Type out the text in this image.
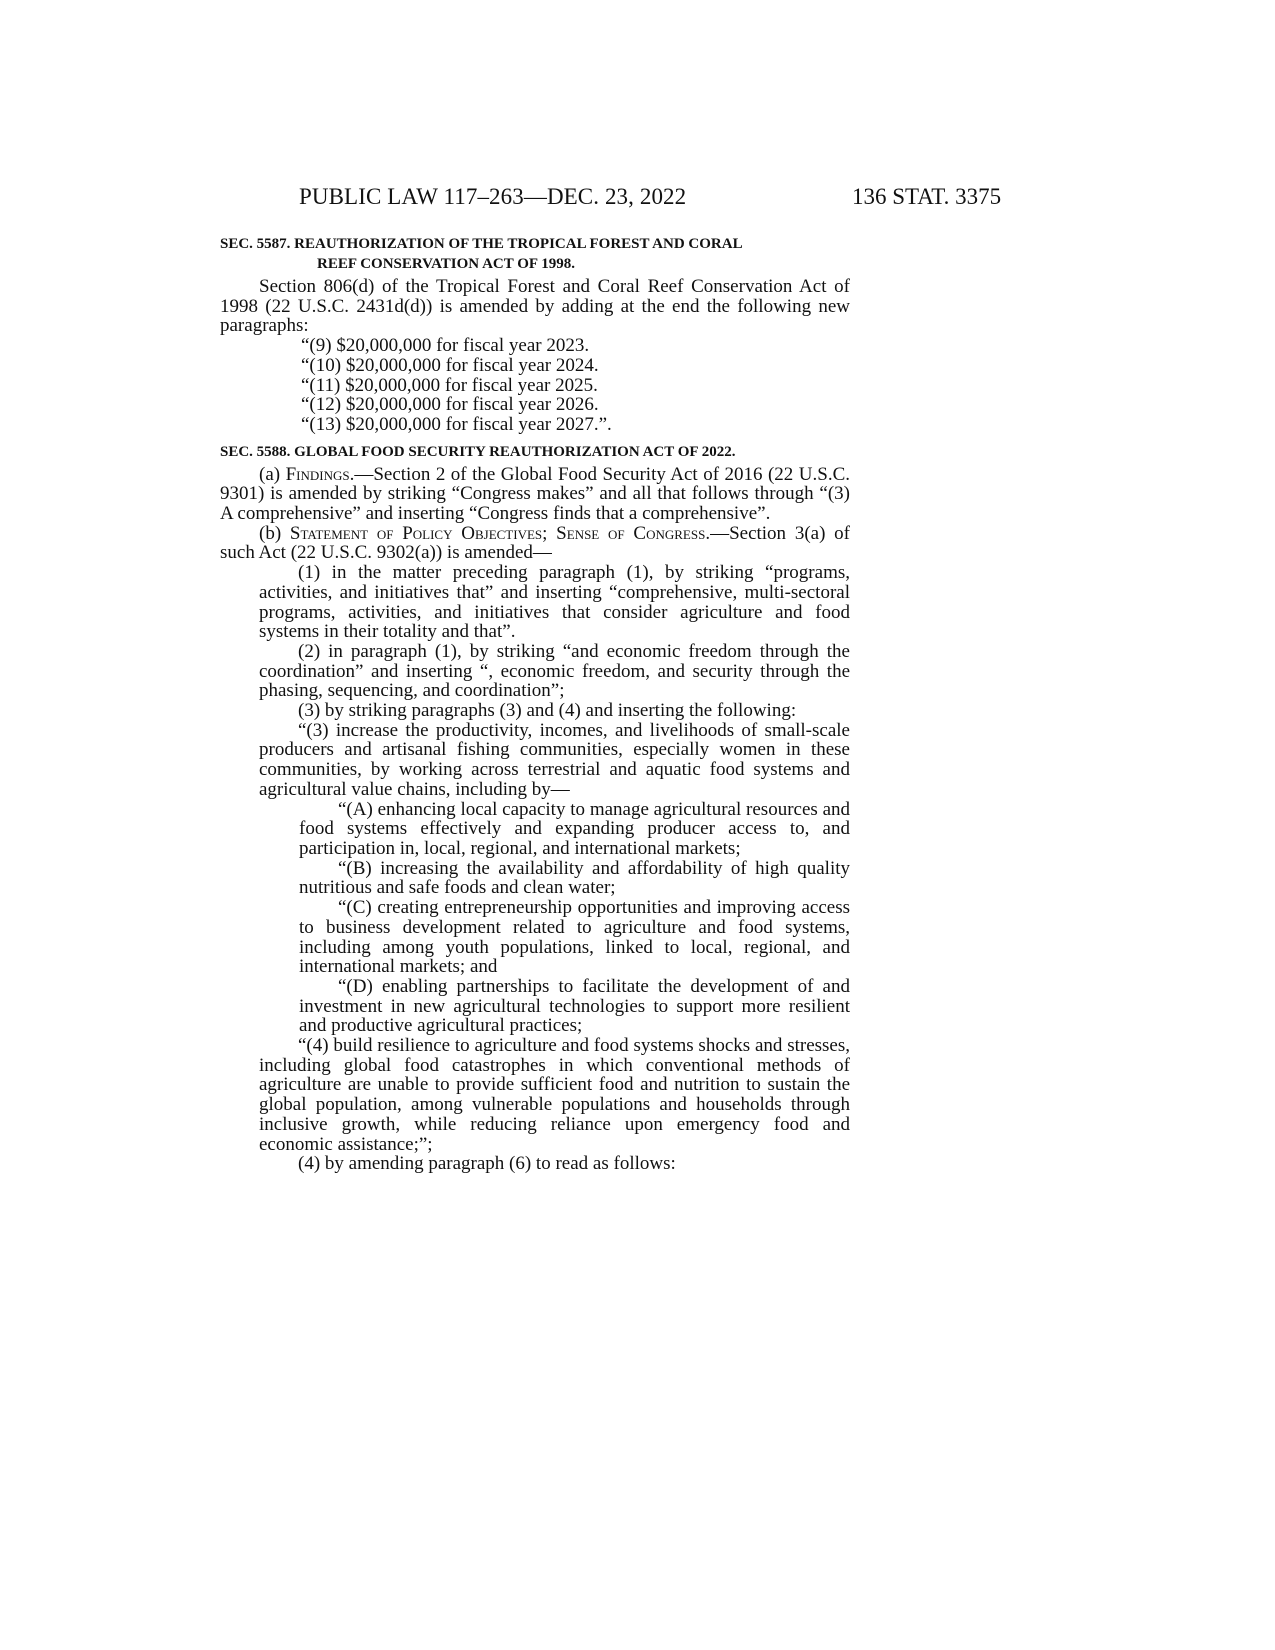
PUBLIC LAW 117–263—DEC. 23, 2022	136 STAT. 3375
SEC. 5587. REAUTHORIZATION OF THE TROPICAL FOREST AND CORAL
REEF CONSERVATION ACT OF 1998.

Section 806(d) of the Tropical Forest and Coral Reef Conservation Act of 1998 (22 U.S.C. 2431d(d)) is amended by adding at the end the following new paragraphs:

“(9) $20,000,000 for fiscal year 2023.

“(10) $20,000,000 for fiscal year 2024.

“(11) $20,000,000 for fiscal year 2025.

“(12) $20,000,000 for fiscal year 2026.

“(13) $20,000,000 for fiscal year 2027.”.

SEC. 5588. GLOBAL FOOD SECURITY REAUTHORIZATION ACT OF 2022.

(a) Findings.—Section 2 of the Global Food Security Act of 2016 (22 U.S.C. 9301) is amended by striking “Congress makes” and all that follows through “(3) A comprehensive” and inserting “Congress finds that a comprehensive”.

(b) Statement of Policy Objectives; Sense of Congress.—Section 3(a) of such Act (22 U.S.C. 9302(a)) is amended—

(1) in the matter preceding paragraph (1), by striking “programs, activities, and initiatives that” and inserting “comprehensive, multi-sectoral programs, activities, and initiatives that consider agriculture and food systems in their totality and that”.

(2) in paragraph (1), by striking “and economic freedom through the coordination” and inserting “, economic freedom, and security through the phasing, sequencing, and coordination”;

(3) by striking paragraphs (3) and (4) and inserting the following:

“(3) increase the productivity, incomes, and livelihoods of small-scale producers and artisanal fishing communities, especially women in these communities, by working across terrestrial and aquatic food systems and agricultural value chains, including by—

“(A) enhancing local capacity to manage agricultural resources and food systems effectively and expanding producer access to, and participation in, local, regional, and international markets;

“(B) increasing the availability and affordability of high quality nutritious and safe foods and clean water;

“(C) creating entrepreneurship opportunities and improving access to business development related to agriculture and food systems, including among youth populations, linked to local, regional, and international markets; and

“(D) enabling partnerships to facilitate the development of and investment in new agricultural technologies to support more resilient and productive agricultural practices;

“(4) build resilience to agriculture and food systems shocks and stresses, including global food catastrophes in which conventional methods of agriculture are unable to provide sufficient food and nutrition to sustain the global population, among vulnerable populations and households through inclusive growth, while reducing reliance upon emergency food and economic assistance;”;

(4) by amending paragraph (6) to read as follows:
